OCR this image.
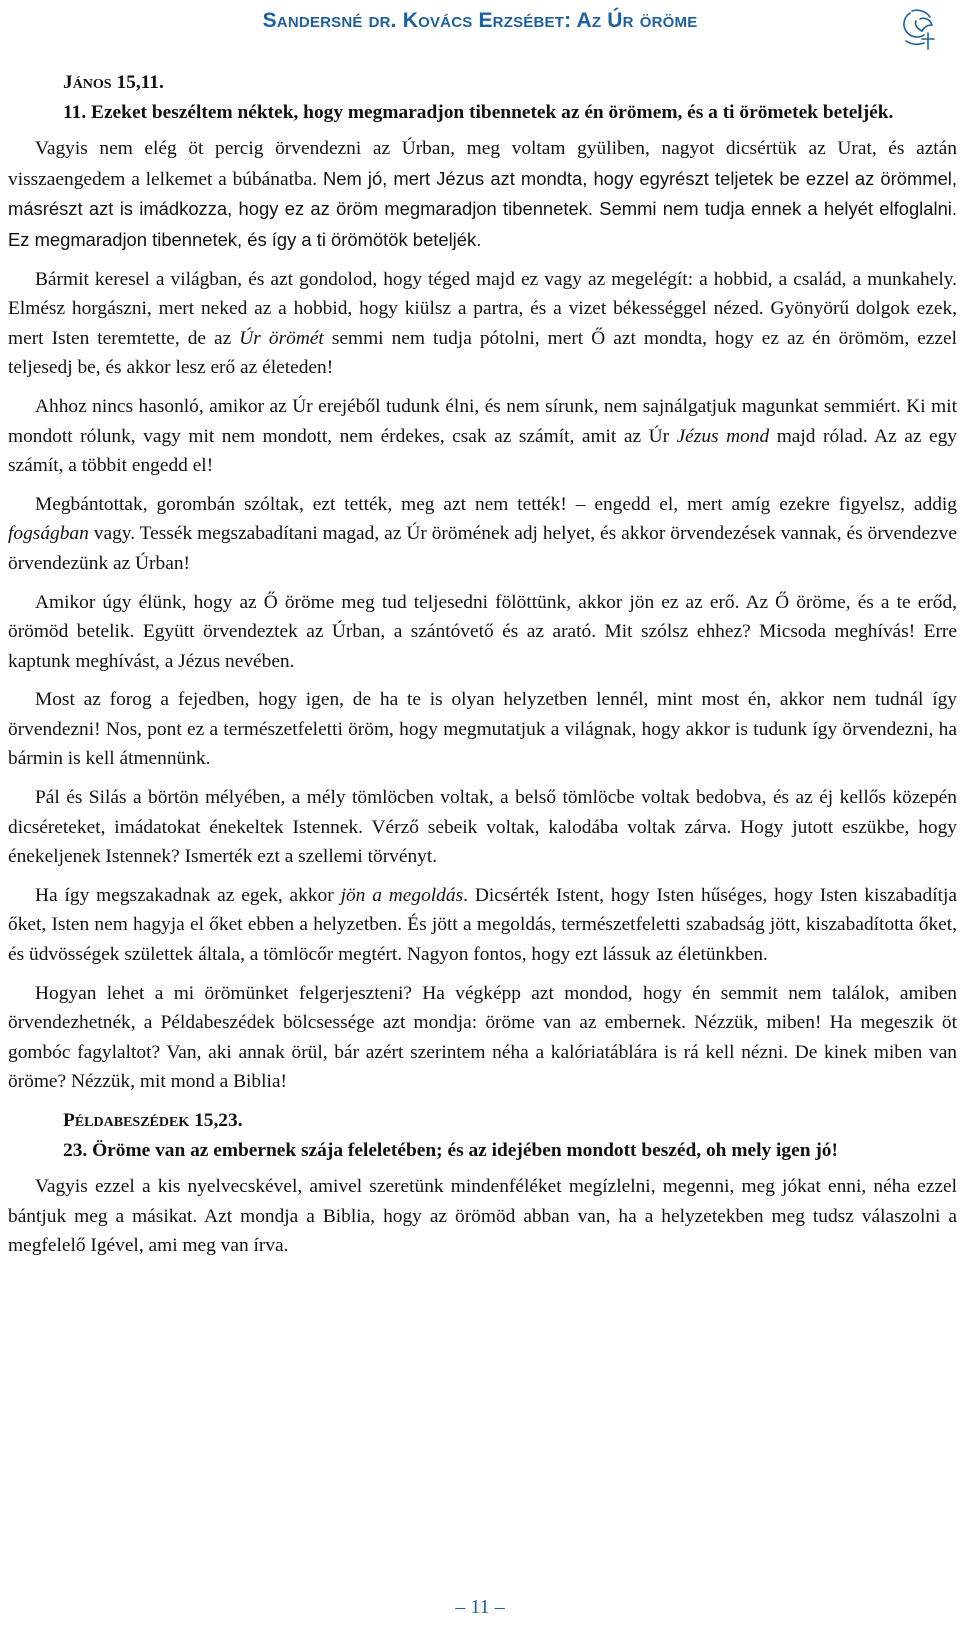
Sandersné dr. Kovács Erzsébet: Az Úr öröme
János 15,11.
11. Ezeket beszéltem néktek, hogy megmaradjon tibennetek az én örömem, és a ti örömetek beteljék.

Vagyis nem elég öt percig örvendezni az Úrban, meg voltam gyüliben, nagyot dicsértük az Urat, és aztán visszaengedem a lelkemet a búbánatba. Nem jó, mert Jézus azt mondta, hogy egyrészt teljetek be ezzel az örömmel, másrészt azt is imádkozza, hogy ez az öröm megmaradjon tibennetek. Semmi nem tudja ennek a helyét elfoglalni. Ez megmaradjon tibennetek, és így a ti örömötök beteljék.

Bármit keresel a világban, és azt gondolod, hogy téged majd ez vagy az megelégít: a hobbid, a család, a munkahely. Elmész horgászni, mert neked az a hobbid, hogy kiülsz a partra, és a vizet békességgel nézed. Gyönyörű dolgok ezek, mert Isten teremtette, de az Úr örömét semmi nem tudja pótolni, mert Ő azt mondta, hogy ez az én örömöm, ezzel teljesedj be, és akkor lesz erő az életeden!

Ahhoz nincs hasonló, amikor az Úr erejéből tudunk élni, és nem sírunk, nem sajnálgatjuk magunkat semmiért. Ki mit mondott rólunk, vagy mit nem mondott, nem érdekes, csak az számít, amit az Úr Jézus mond majd rólad. Az az egy számít, a többit engedd el!

Megbántottak, gorombán szóltak, ezt tették, meg azt nem tették! – engedd el, mert amíg ezekre figyelsz, addig fogságban vagy. Tessék megszabadítani magad, az Úr örömének adj helyet, és akkor örvendezések vannak, és örvendezve örvendezünk az Úrban!

Amikor úgy élünk, hogy az Ő öröme meg tud teljesedni fölöttünk, akkor jön ez az erő. Az Ő öröme, és a te erőd, örömöd betelik. Együtt örvendeztek az Úrban, a szántóvető és az arató. Mit szólsz ehhez? Micsoda meghívás! Erre kaptunk meghívást, a Jézus nevében.

Most az forog a fejedben, hogy igen, de ha te is olyan helyzetben lennél, mint most én, akkor nem tudnál így örvendezni! Nos, pont ez a természetfeletti öröm, hogy megmutatjuk a világnak, hogy akkor is tudunk így örvendezni, ha bármin is kell átmennünk.

Pál és Silás a börtön mélyében, a mély tömlöcben voltak, a belső tömlöcbe voltak bedobva, és az éj kellős közepén dicséreteket, imádatokat énekeltek Istennek. Vérző sebeik voltak, kalodába voltak zárva. Hogy jutott eszükbe, hogy énekeljenek Istennek? Ismerték ezt a szellemi törvényt.

Ha így megszakadnak az egek, akkor jön a megoldás. Dicsérték Istent, hogy Isten hűséges, hogy Isten kiszabadítja őket, Isten nem hagyja el őket ebben a helyzetben. És jött a megoldás, természetfeletti szabadság jött, kiszabadította őket, és üdvösségek születtek általa, a tömlöcőr megtért. Nagyon fontos, hogy ezt lássuk az életünkben.

Hogyan lehet a mi örömünket felgerjeszteni? Ha végképp azt mondod, hogy én semmit nem találok, amiben örvendezhetnék, a Példabeszédek bölcsessége azt mondja: öröme van az embernek. Nézzük, miben! Ha megeszik öt gombóc fagylaltot? Van, aki annak örül, bár azért szerintem néha a kalóriatáblára is rá kell nézni. De kinek miben van öröme? Nézzük, mit mond a Biblia!

Példabeszédek 15,23.
23. Öröme van az embernek szája feleletében; és az idejében mondott beszéd, oh mely igen jó!

Vagyis ezzel a kis nyelvecskével, amivel szeretünk mindenféléket megízlelni, megenni, meg jókat enni, néha ezzel bántjuk meg a másikat. Azt mondja a Biblia, hogy az örömöd abban van, ha a helyzetekben meg tudsz válaszolni a megfelelő Igével, ami meg van írva.

– 11 –
